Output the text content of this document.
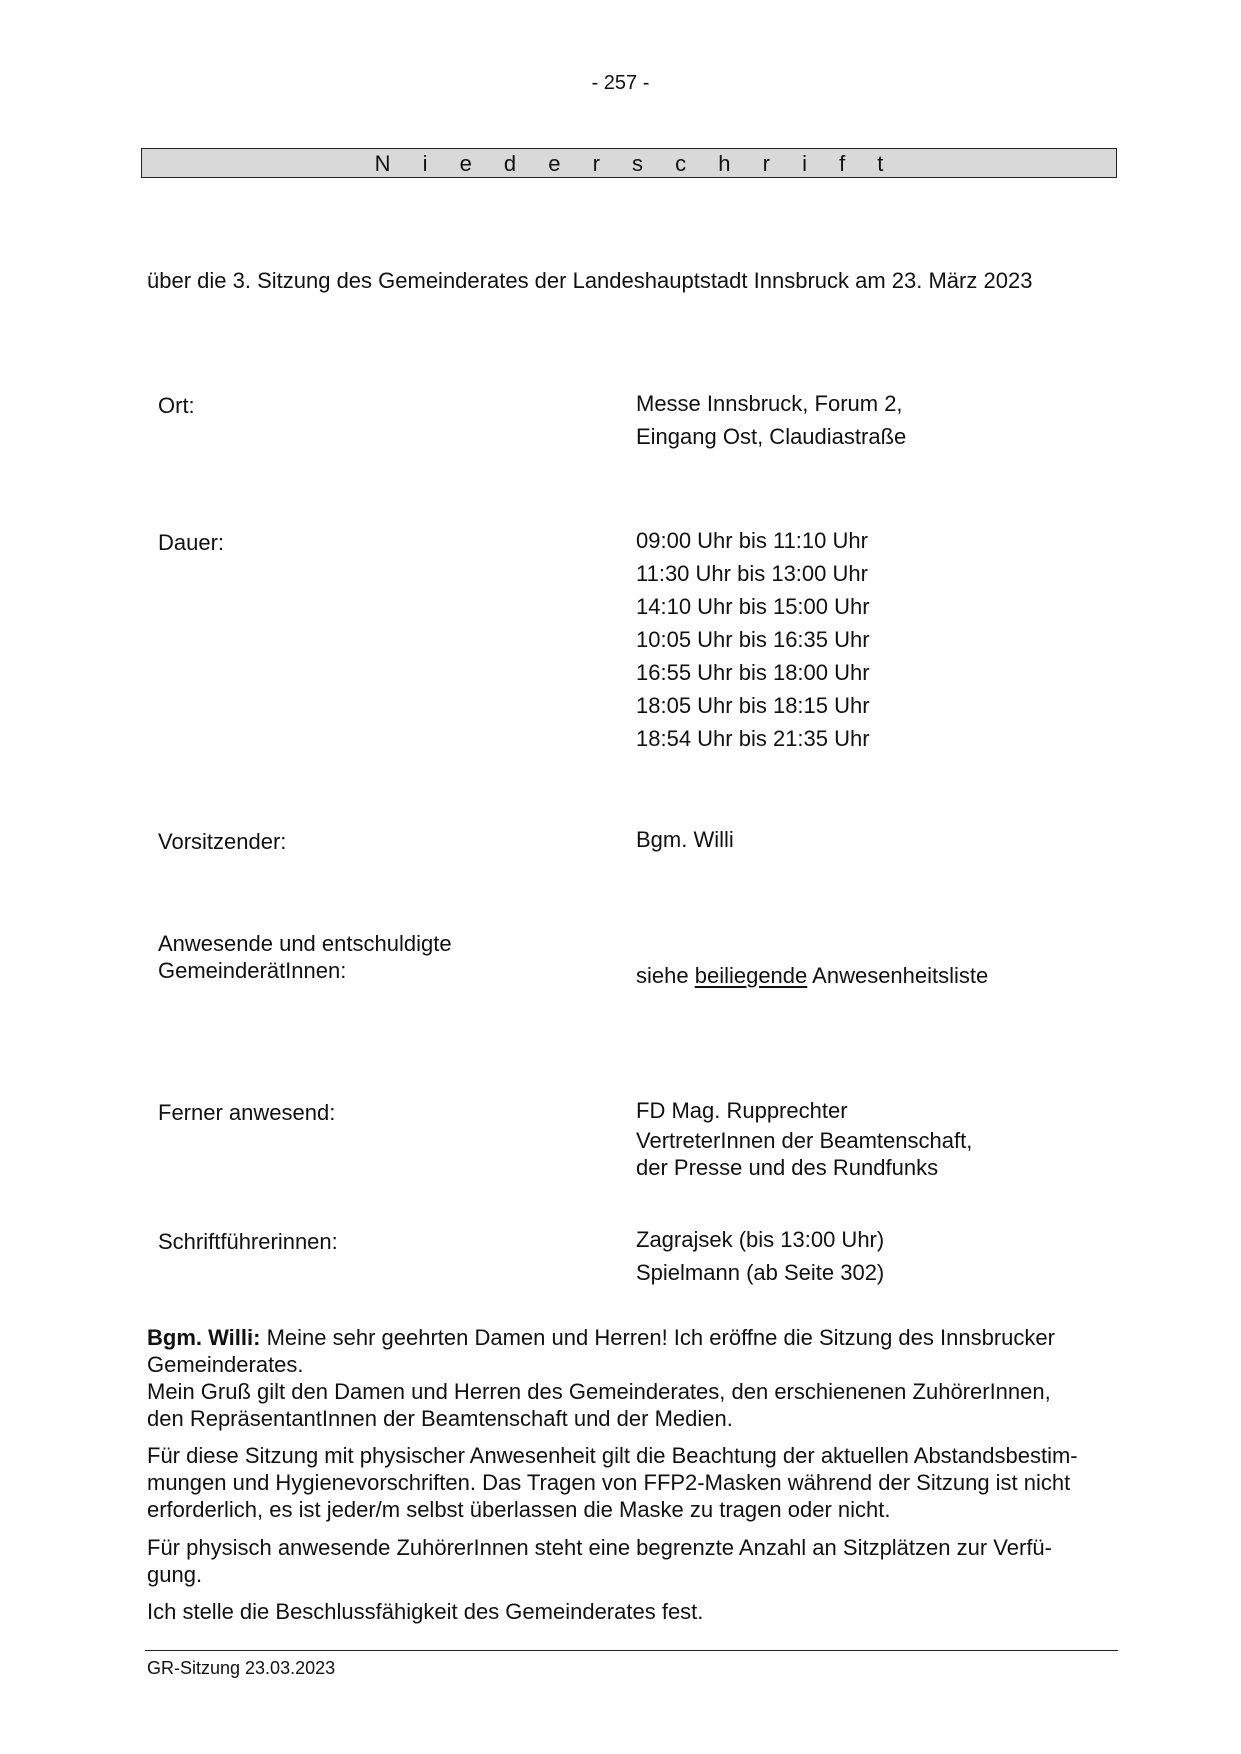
- 257 -
N i e d e r s c h r i f t
über die 3. Sitzung des Gemeinderates der Landeshauptstadt Innsbruck am 23. März 2023
Ort:	Messe Innsbruck, Forum 2,
Eingang Ost, Claudiastraße
Dauer:	09:00 Uhr bis 11:10 Uhr
11:30 Uhr bis 13:00 Uhr
14:10 Uhr bis 15:00 Uhr
10:05 Uhr bis 16:35 Uhr
16:55 Uhr bis 18:00 Uhr
18:05 Uhr bis 18:15 Uhr
18:54 Uhr bis 21:35 Uhr
Vorsitzender:	Bgm. Willi
Anwesende und entschuldigte
GemeinderätInnen:	siehe beiliegende Anwesenheitsliste
Ferner anwesend:	FD Mag. Rupprechter
VertreterInnen der Beamtenschaft,
der Presse und des Rundfunks
Schriftführerinnen:	Zagrajsek (bis 13:00 Uhr)
Spielmann (ab Seite 302)
Bgm. Willi: Meine sehr geehrten Damen und Herren! Ich eröffne die Sitzung des Innsbrucker
Gemeinderates.
Mein Gruß gilt den Damen und Herren des Gemeinderates, den erschienenen ZuhörerInnen,
den RepräsentantInnen der Beamtenschaft und der Medien.
Für diese Sitzung mit physischer Anwesenheit gilt die Beachtung der aktuellen Abstandsbestim-
mungen und Hygienevorschriften. Das Tragen von FFP2-Masken während der Sitzung ist nicht
erforderlich, es ist jeder/m selbst überlassen die Maske zu tragen oder nicht.
Für physisch anwesende ZuhörerInnen steht eine begrenzte Anzahl an Sitzplätzen zur Verfü-
gung.
Ich stelle die Beschlussfähigkeit des Gemeinderates fest.
GR-Sitzung 23.03.2023
